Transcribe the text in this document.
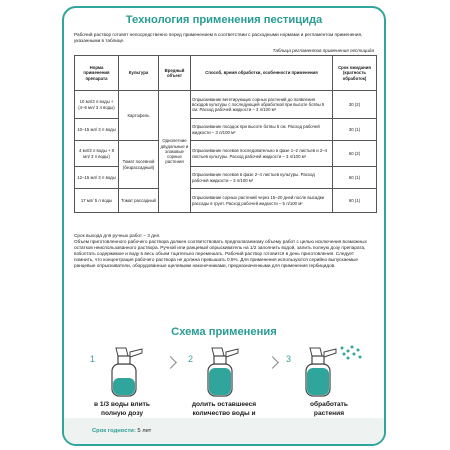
Технология применения пестицида
Рабочий раствор готовят непосредственно перед применением в соответствии с расходными нормами и регламентом применения, указанными в таблице.
Таблица регламентов применения пестицида
Норма применения препарата	Культура	Вредный объект	Способ, время обработки, особенности применения	Срок ожидания (кратность обработок)
10 мл/3 л воды + (4–6 мл/ 3 л воды)	Картофель	Однолетние двудольные и злаковые сорные растения	Опрыскивание вегетирующих сорных растений до появления всходов культуры с последующей обработкой при высоте ботвы 5 см. Расход рабочей жидкости – 3 л/100 м²	30 (2)
10–15 мл/ 3 л воды			Опрыскивание посадок при высоте ботвы 5 см. Расход рабочей жидкости – 3 л/100 м²	30 (1)
4 мл/3 л воды + 8 мл/ 3 л воды)	Томат посевной (безрассадный)		Опрыскивание посевов последовательно в фазе 1–2 листьев и 2–4 листьев культуры. Расход рабочей жидкости – 3 л/100 м²	60 (2)
12–15 мл/ 3 л воды			Опрыскивание посевов в фазе 2–4 листьев культуры. Расход рабочей жидкости – 3 л/100 м²	60 (1)
17 мл/ 5 л воды	Томат рассадный		Опрыскивание сорных растений через 15–20 дней после высадки рассады в грунт. Расход рабочей жидкости – 5 л/100 м²	60 (1)

Срок выхода для ручных работ – 3 дня.

Объем приготовленного рабочего раствора должен соответствовать предполагаемому объему работ с целью исключения возможных остатков неиспользованного раствора. Ручной или ранцевый опрыскиватель на 1/2 заполнить водой, залить полную дозу препарата, взболтать содержимое и воду в весь объем тщательно перемешать. Рабочий раствор готовится в день приготовления. Следует помнить, что концентрация рабочего раствора не должна превышать 0,5%. Для применения используются серийно выпускаемые ранцевые опрыскиватели, оборудованные щелевыми наконечниками, предназначенными для применения гербицидов.

Схема применения
1
в 1/3 воды влить полную дозу
2
долить оставшееся количество воды и
3
обработать растения
Срок годности: 5 лет
